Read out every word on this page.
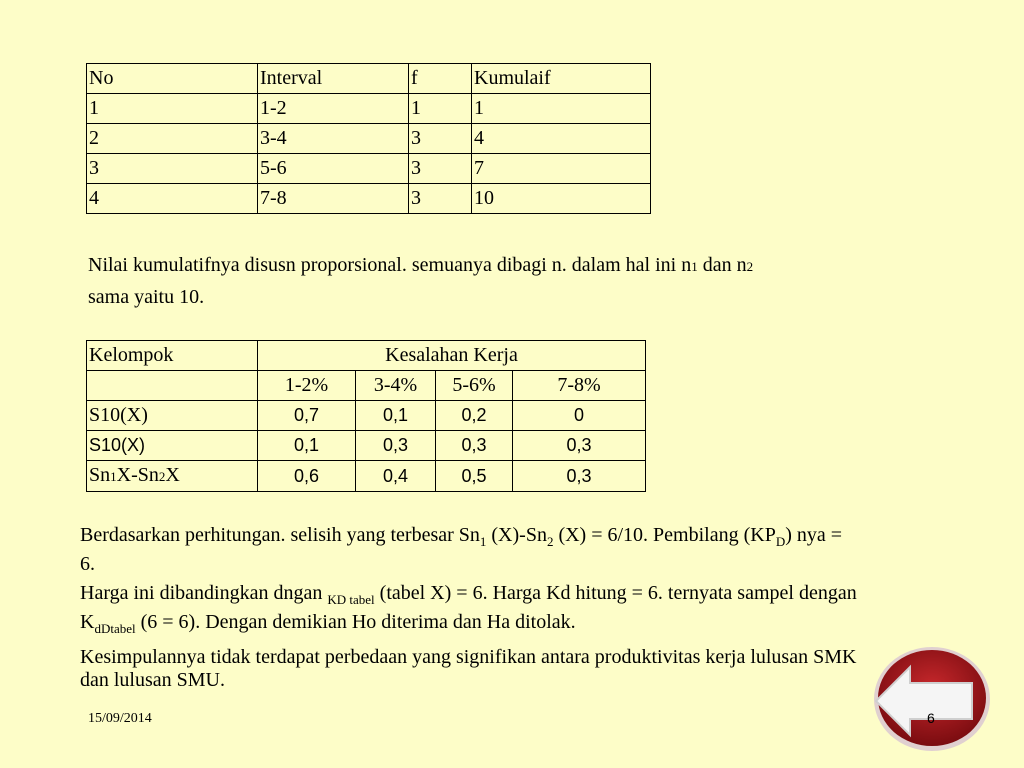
No	Interval	f	Kumulaif
1	1-2	1	1
2	3-4	3	4
3	5-6	3	7
4	7-8	3	10
Nilai kumulatifnya disusn proporsional. semuanya dibagi n. dalam hal ini n1 dan n2
sama yaitu 10.
Kelompok	Kesalahan Kerja			
	1-2%	3-4%	5-6%	7-8%
S10(X)	0,7	0,1	0,2	0
S10(X)	0,1	0,3	0,3	0,3
Sn1X-Sn2X	0,6	0,4	0,5	0,3

Berdasarkan perhitungan. selisih yang terbesar $Sn_1$ $(X)-Sn_2$ (X) = 6/10. Pembilang $(KP_D)$ nya = 6.

Harga ini dibandingkan dngan $_{KD tabel}$ (tabel X) = 6. Harga Kd hitung = 6. ternyata sampel dengan $K_{dDtabel}$ (6 = 6). Dengan demikian Ho diterima dan Ha ditolak.

Kesimpulannya tidak terdapat perbedaan yang signifikan antara produktivitas kerja lulusan SMK dan lulusan SMU.

15/09/2014	6
